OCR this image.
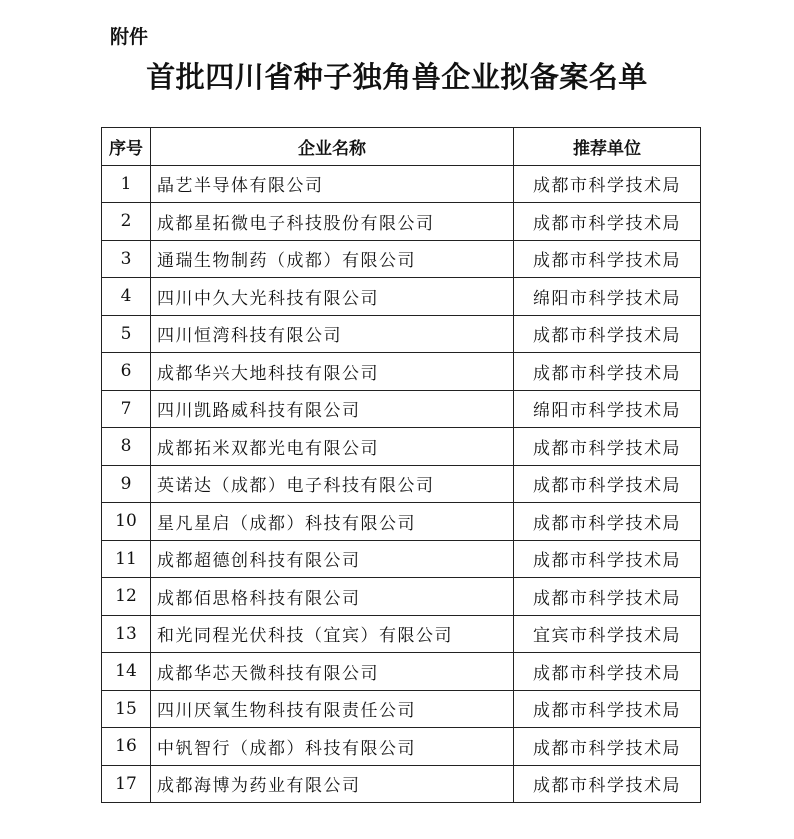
附件
首批四川省种子独角兽企业拟备案名单
序号	企业名称	推荐单位
1	晶艺半导体有限公司	成都市科学技术局
2	成都星拓微电子科技股份有限公司	成都市科学技术局
3	通瑞生物制药（成都）有限公司	成都市科学技术局
4	四川中久大光科技有限公司	绵阳市科学技术局
5	四川恒湾科技有限公司	成都市科学技术局
6	成都华兴大地科技有限公司	成都市科学技术局
7	四川凯路威科技有限公司	绵阳市科学技术局
8	成都拓米双都光电有限公司	成都市科学技术局
9	英诺达（成都）电子科技有限公司	成都市科学技术局
10	星凡星启（成都）科技有限公司	成都市科学技术局
11	成都超德创科技有限公司	成都市科学技术局
12	成都佰思格科技有限公司	成都市科学技术局
13	和光同程光伏科技（宜宾）有限公司	宜宾市科学技术局
14	成都华芯天微科技有限公司	成都市科学技术局
15	四川厌氧生物科技有限责任公司	成都市科学技术局
16	中钒智行（成都）科技有限公司	成都市科学技术局
17	成都海博为药业有限公司	成都市科学技术局
